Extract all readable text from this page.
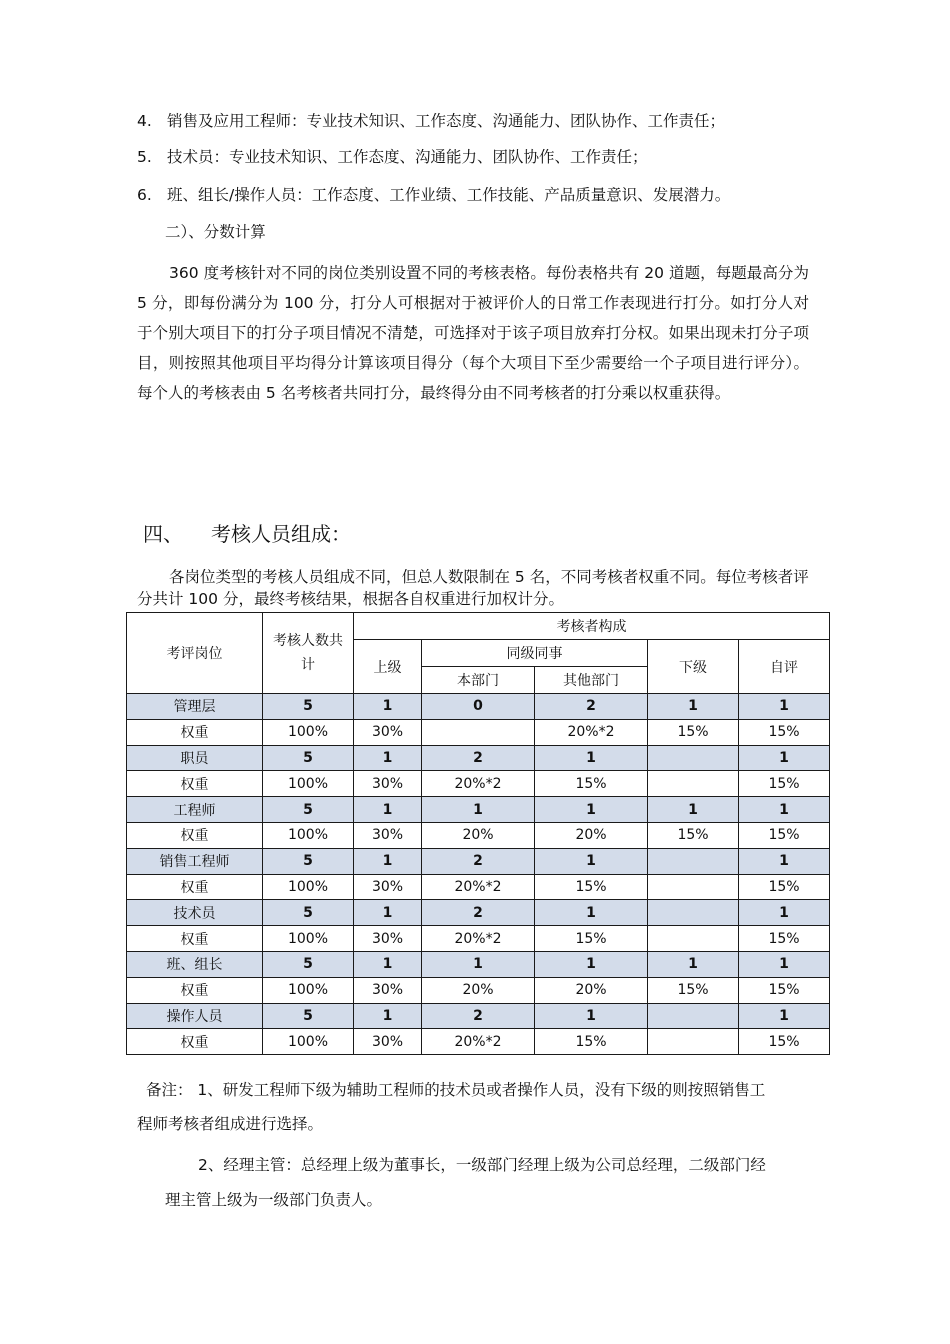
4. 销售及应用工程师：专业技术知识、工作态度、沟通能力、团队协作、工作责任；
5. 技术员：专业技术知识、工作态度、沟通能力、团队协作、工作责任；
6. 班、组长/操作人员：工作态度、工作业绩、工作技能、产品质量意识、发展潜力。
二）、分数计算
360 度考核针对不同的岗位类别设置不同的考核表格。每份表格共有 20 道题，每题最高分为 5 分，即每份满分为 100 分，打分人可根据对于被评价人的日常工作表现进行打分。如打分人对于个别大项目下的打分子项目情况不清楚，可选择对于该子项目放弃打分权。如果出现未打分子项目，则按照其他项目平均得分计算该项目得分（每个大项目下至少需要给一个子项目进行评分）。每个人的考核表由 5 名考核者共同打分，最终得分由不同考核者的打分乘以权重获得。
四、 考核人员组成：
各岗位类型的考核人员组成不同，但总人数限制在 5 名，不同考核者权重不同。每位考核者评分共计 100 分，最终考核结果，根据各自权重进行加权计分。
考评岗位	考核人数共计	考核者构成				
		上级	同级同事		下级	自评
			本部门	其他部门		
管理层	5	1	0	2	1	1
权重	100%	30%		20%*2	15%	15%
职员	5	1	2	1		1
权重	100%	30%	20%*2	15%		15%
工程师	5	1	1	1	1	1
权重	100%	30%	20%	20%	15%	15%
销售工程师	5	1	2	1		1
权重	100%	30%	20%*2	15%		15%
技术员	5	1	2	1		1
权重	100%	30%	20%*2	15%		15%
班、组长	5	1	1	1	1	1
权重	100%	30%	20%	20%	15%	15%
操作人员	5	1	2	1		1
权重	100%	30%	20%*2	15%		15%
备注： 1、研发工程师下级为辅助工程师的技术员或者操作人员，没有下级的则按照销售工
程师考核者组成进行选择。
2、经理主管：总经理上级为董事长，一级部门经理上级为公司总经理，二级部门经
理主管上级为一级部门负责人。
